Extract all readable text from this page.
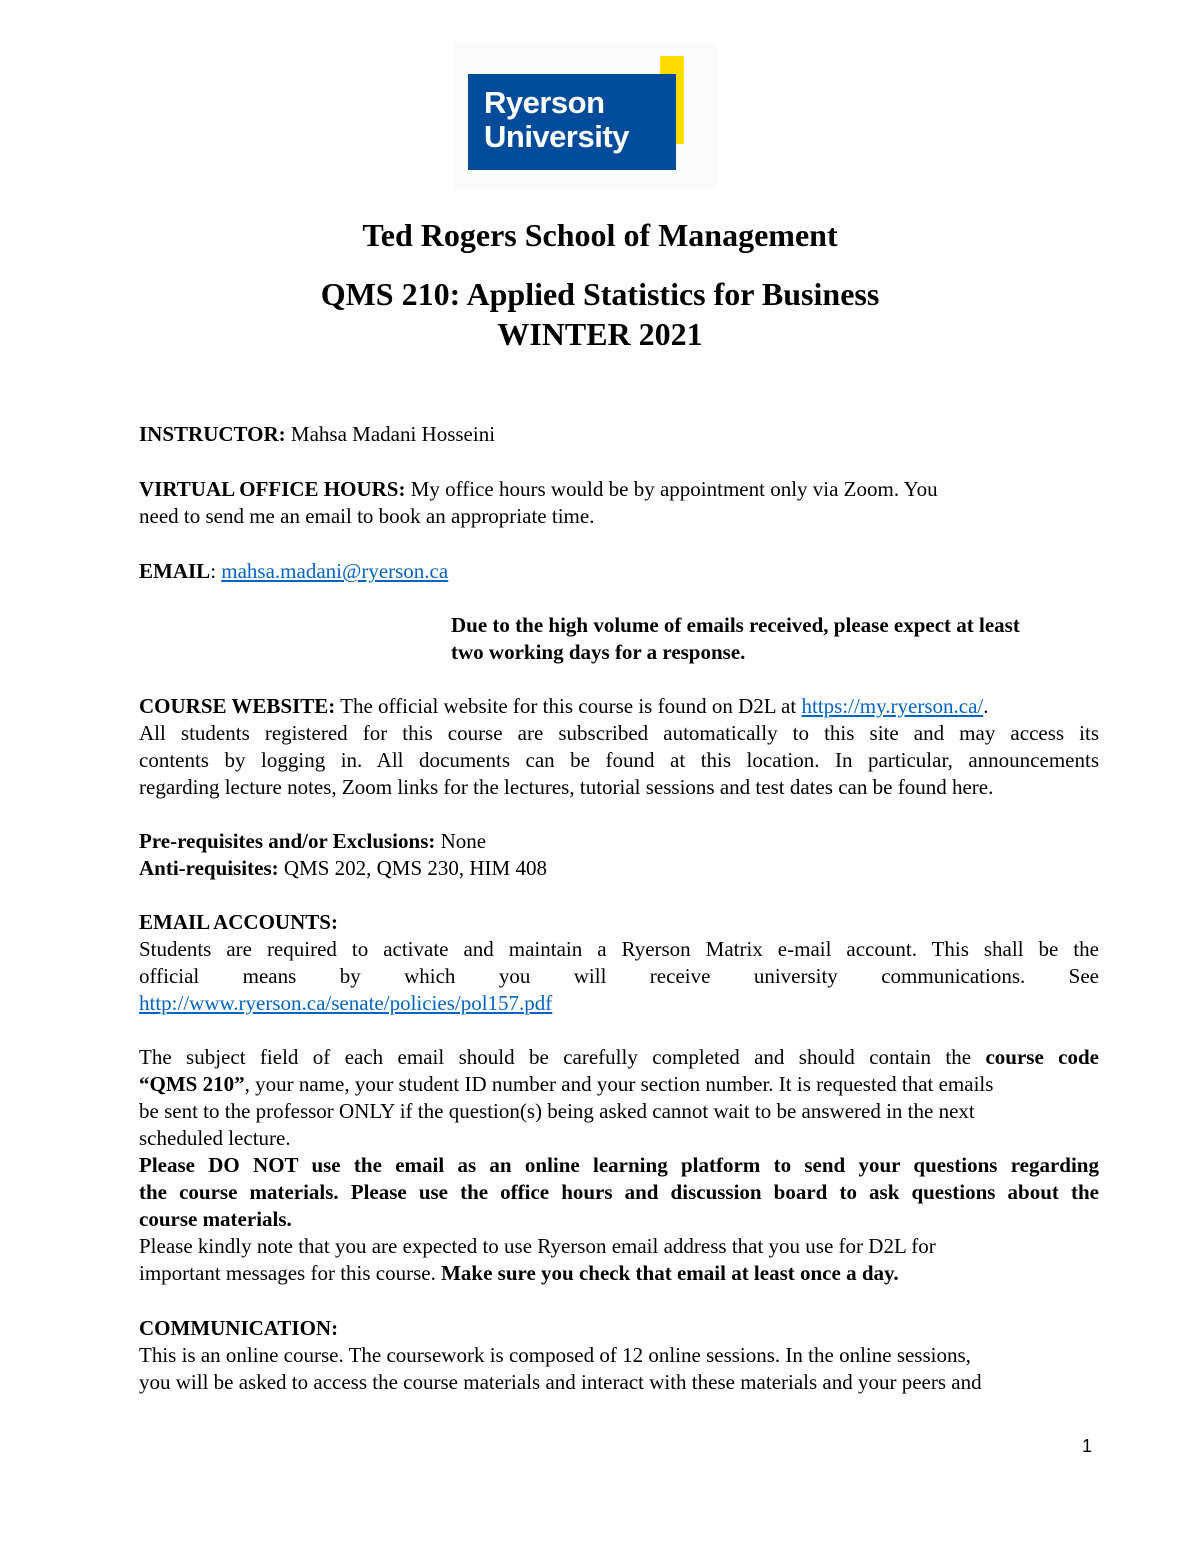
Ryerson
University
Ted Rogers School of Management
QMS 210: Applied Statistics for Business
WINTER 2021

INSTRUCTOR: Mahsa Madani Hosseini

VIRTUAL OFFICE HOURS: My office hours would be by appointment only via Zoom. You

need to send me an email to book an appropriate time.

EMAIL: mahsa.madani@ryerson.ca

Due to the high volume of emails received, please expect at least

two working days for a response.

COURSE WEBSITE: The official website for this course is found on D2L at https://my.ryerson.ca/.

All students registered for this course are subscribed automatically to this site and may access its

contents by logging in. All documents can be found at this location. In particular, announcements

regarding lecture notes, Zoom links for the lectures, tutorial sessions and test dates can be found here.

Pre-requisites and/or Exclusions: None

Anti-requisites: QMS 202, QMS 230, HIM 408

EMAIL ACCOUNTS:

Students are required to activate and maintain a Ryerson Matrix e-mail account. This shall be the

official means by which you will receive university communications. See

http://www.ryerson.ca/senate/policies/pol157.pdf

The subject field of each email should be carefully completed and should contain the course code

“QMS 210”, your name, your student ID number and your section number. It is requested that emails

be sent to the professor ONLY if the question(s) being asked cannot wait to be answered in the next

scheduled lecture.

Please DO NOT use the email as an online learning platform to send your questions regarding

the course materials. Please use the office hours and discussion board to ask questions about the

course materials.

Please kindly note that you are expected to use Ryerson email address that you use for D2L for

important messages for this course. Make sure you check that email at least once a day.

COMMUNICATION:

This is an online course. The coursework is composed of 12 online sessions. In the online sessions,

you will be asked to access the course materials and interact with these materials and your peers and

1
